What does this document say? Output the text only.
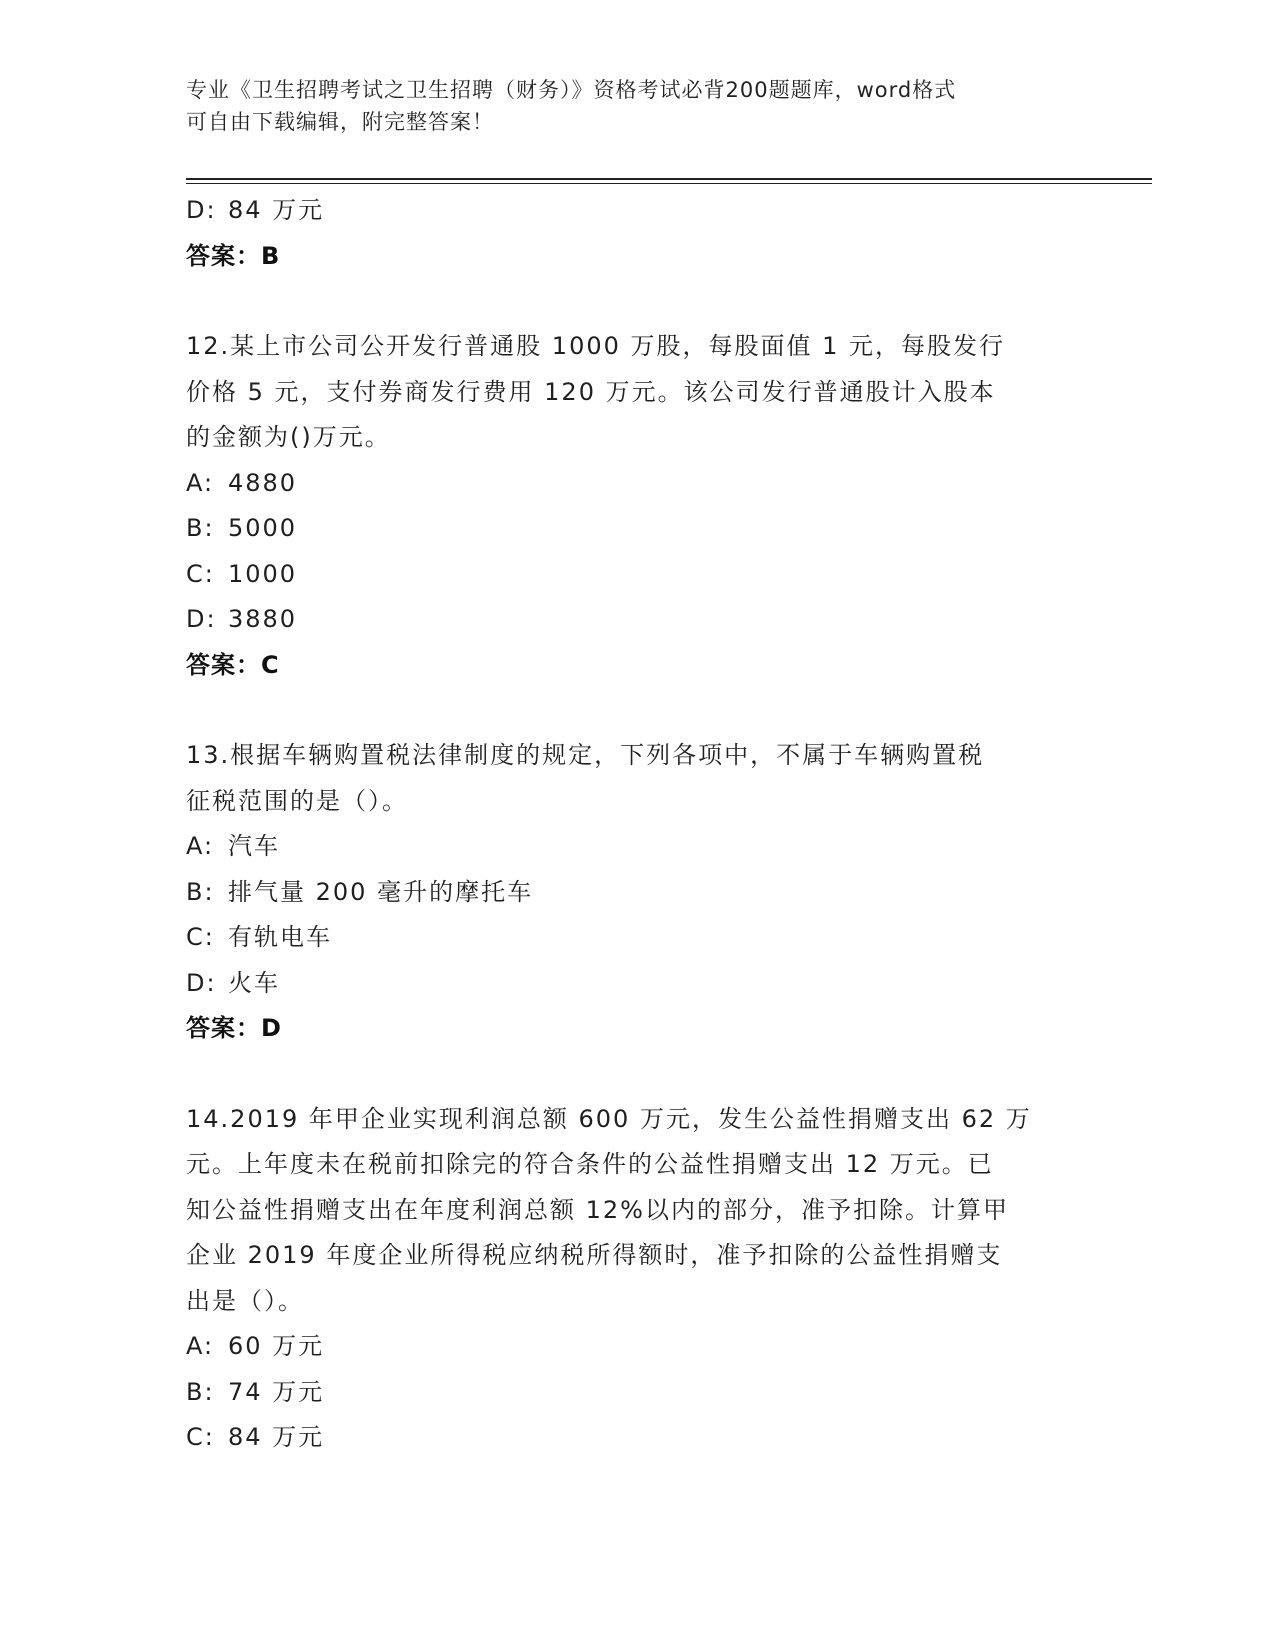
专业《卫生招聘考试之卫生招聘（财务）》资格考试必背200题题库，word格式
可自由下载编辑，附完整答案！
D: 84 万元
答案：B
12.某上市公司公开发行普通股 1000 万股，每股面值 1 元，每股发行
价格 5 元，支付券商发行费用 120 万元。该公司发行普通股计入股本
的金额为()万元。
A: 4880
B: 5000
C: 1000
D: 3880
答案：C
13.根据车辆购置税法律制度的规定，下列各项中，不属于车辆购置税
征税范围的是（）。
A: 汽车
B: 排气量 200 毫升的摩托车
C: 有轨电车
D: 火车
答案：D
14.2019 年甲企业实现利润总额 600 万元，发生公益性捐赠支出 62 万
元。上年度未在税前扣除完的符合条件的公益性捐赠支出 12 万元。已
知公益性捐赠支出在年度利润总额 12%以内的部分，准予扣除。计算甲
企业 2019 年度企业所得税应纳税所得额时，准予扣除的公益性捐赠支
出是（）。
A: 60 万元
B: 74 万元
C: 84 万元
